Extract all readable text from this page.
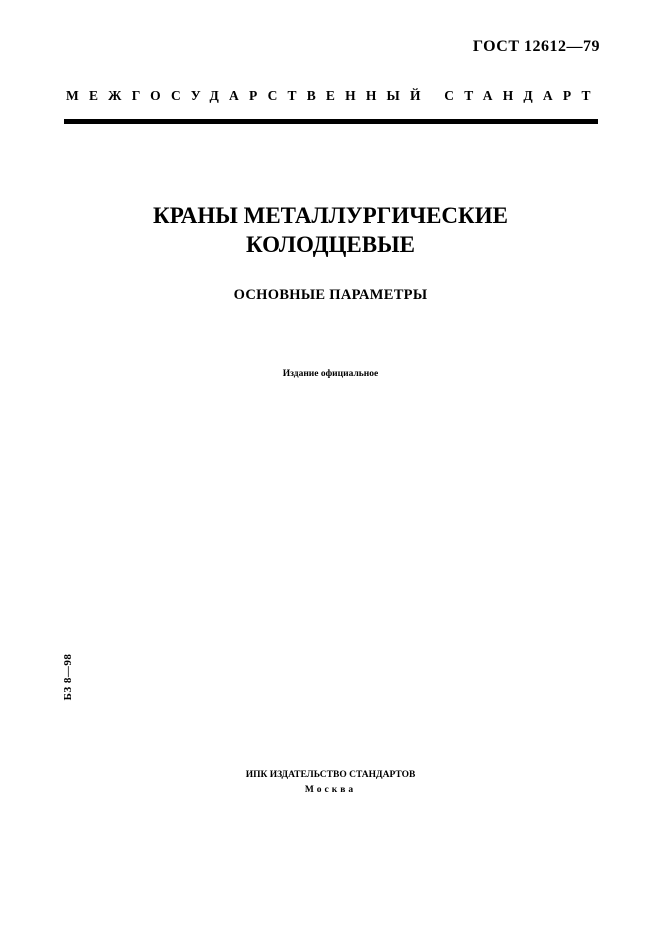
ГОСТ 12612—79
МЕЖГОСУДАРСТВЕННЫЙ СТАНДАРТ
КРАНЫ МЕТАЛЛУРГИЧЕСКИЕ
КОЛОДЦЕВЫЕ
ОСНОВНЫЕ ПАРАМЕТРЫ
Издание официальное
БЗ 8—98
ИПК ИЗДАТЕЛЬСТВО СТАНДАРТОВ
Москва
